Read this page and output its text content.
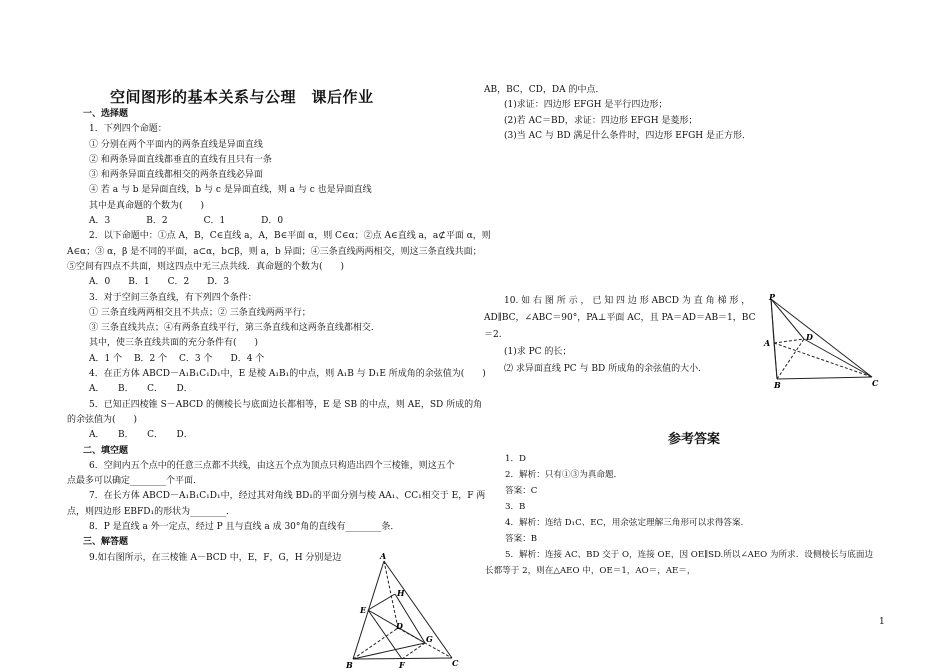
空间图形的基本关系与公理　课后作业

一、选择题

1．下列四个命题：

① 分别在两个平面内的两条直线是异面直线

② 和两条异面直线都垂直的直线有且只有一条

③ 和两条异面直线都相交的两条直线必异面

④ 若 a 与 b 是异面直线，b 与 c 是异面直线，则 a 与 c 也是异面直线

其中是真命题的个数为(　　)

A．3　　　　B．2　　　　C．1　　　　D．0

2．以下命题中：①点 A，B，C∈直线 a，A，B∈平面 α，则 C∈α；②点 A∈直线 a，a⊄平面 α，则

A∈α；③ α，β 是不同的平面，a⊂α，b⊂β，则 a，b 异面；④三条直线两两相交，则这三条直线共面；

⑤空间有四点不共面，则这四点中无三点共线．真命题的个数为(　　)

A．0　　B．1　　C．2　　D．3

3．对于空间三条直线，有下列四个条件：

① 三条直线两两相交且不共点；② 三条直线两两平行；

③ 三条直线共点；④有两条直线平行，第三条直线和这两条直线都相交．

其中，使三条直线共面的充分条件有(　　)

A．1 个　 B．2 个　 C．3 个　　D．4 个

4．在正方体 ABCD－A₁B₁C₁D₁中，E 是棱 A₁B₁的中点，则 A₁B 与 D₁E 所成角的余弦值为(　　)

A．　　B．　　C．　　D．

5．已知正四棱锥 S－ABCD 的侧棱长与底面边长都相等，E 是 SB 的中点，则 AE，SD 所成的角

的余弦值为(　　)

A．　　B．　　C．　　D．

二、填空题

6．空间内五个点中的任意三点都不共线，由这五个点为顶点只构造出四个三棱锥，则这五个

点最多可以确定________个平面．

7．在长方体 ABCD－A₁B₁C₁D₁中，经过其对角线 BD₁的平面分别与棱 AA₁、CC₁相交于 E，F 两

点，则四边形 EBFD₁的形状为________．

8．P 是直线 a 外一定点，经过 P 且与直线 a 成 30°角的直线有________条．

三、解答题

9.如右图所示，在三棱锥 A－BCD 中，E，F，G，H 分别是边

AB，BC，CD，DA 的中点．

(1)求证：四边形 EFGH 是平行四边形；

(2)若 AC＝BD，求证：四边形 EFGH 是菱形；

(3)当 AC 与 BD 满足什么条件时，四边形 EFGH 是正方形．

10. 如 右 图 所 示 ， 已 知 四 边 形 ABCD 为 直 角 梯 形 ，

AD∥BC，∠ABC＝90°，PA⊥平面 AC，且 PA＝AD＝AB＝1，BC

＝2.

(1)求 PC 的长；

⑵ 求异面直线 PC 与 BD 所成角的余弦值的大小.

参考答案

1．D

2．解析：只有①③为真命题．

答案：C

3．B

4．解析：连结 D₁C、EC，用余弦定理解三角形可以求得答案．

答案：B

5．解析：连接 AC、BD 交于 O，连接 OE，因 OE∥SD.所以∠AEO 为所求．设侧棱长与底面边

长都等于 2，则在△AEO 中，OE＝1，AO＝，AE＝，

A
H
E
D
G
B	F	C
P
A
D
B	C
1
